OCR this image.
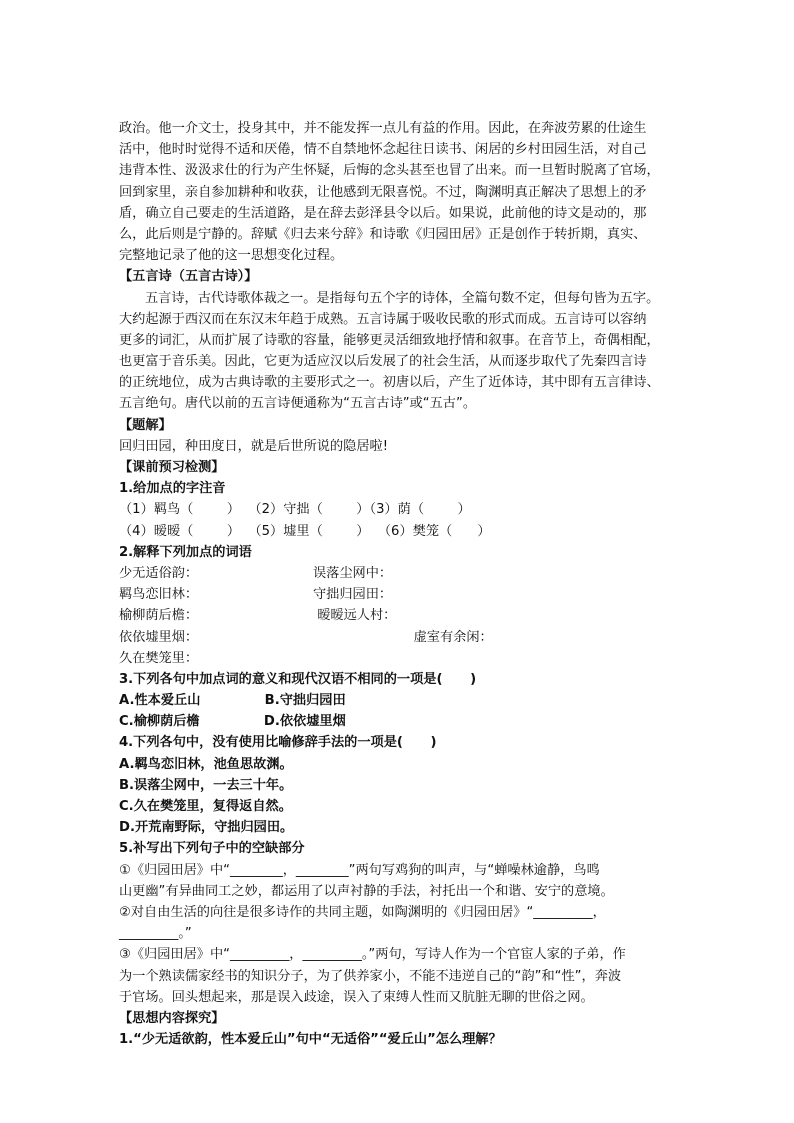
政治。他一介文士，投身其中，并不能发挥一点儿有益的作用。因此，在奔波劳累的仕途生
活中，他时时觉得不适和厌倦，情不自禁地怀念起往日读书、闲居的乡村田园生活，对自己
违背本性、汲汲求仕的行为产生怀疑，后悔的念头甚至也冒了出来。而一旦暂时脱离了官场，
回到家里，亲自参加耕种和收获，让他感到无限喜悦。不过，陶渊明真正解决了思想上的矛
盾，确立自己要走的生活道路，是在辞去彭泽县令以后。如果说，此前他的诗文是动的，那
么，此后则是宁静的。辞赋《归去来兮辞》和诗歌《归园田居》正是创作于转折期，真实、
完整地记录了他的这一思想变化过程。
【五言诗（五言古诗）】
五言诗，古代诗歌体裁之一。是指每句五个字的诗体，全篇句数不定，但每句皆为五字。
大约起源于西汉而在东汉末年趋于成熟。五言诗属于吸收民歌的形式而成。五言诗可以容纳
更多的词汇，从而扩展了诗歌的容量，能够更灵活细致地抒情和叙事。在音节上，奇偶相配，
也更富于音乐美。因此，它更为适应汉以后发展了的社会生活，从而逐步取代了先秦四言诗
的正统地位，成为古典诗歌的主要形式之一。初唐以后，产生了近体诗，其中即有五言律诗、
五言绝句。唐代以前的五言诗便通称为“五言古诗”或“五古”。
【题解】
回归田园，种田度日，就是后世所说的隐居啦!
【课前预习检测】
1.给加点的字注音
（1）羁鸟（        ）  （2）守拙（        ）（3）荫（        ）
（4）暧暧（        ）  （5）墟里（        ）  （6）樊笼（      ）
2.解释下列加点的词语
少无适俗韵：	误落尘网中：
羁鸟恋旧林：	守拙归园田：
榆柳荫后檐：	暧暧远人村：
依依墟里烟：	虚室有余闲：
久在樊笼里：
3.下列各句中加点词的意义和现代汉语不相同的一项是(      )
A.性本爱丘山              B.守拙归园田
C.榆柳荫后檐              D.依依墟里烟
4.下列各句中，没有使用比喻修辞手法的一项是(      )
A.羁鸟恋旧林，池鱼思故渊。
B.误落尘网中，一去三十年。
C.久在樊笼里，复得返自然。
D.开荒南野际，守拙归园田。
5.补写出下列句子中的空缺部分
①《归园田居》中“________，________”两句写鸡狗的叫声，与“蝉噪林逾静，鸟鸣
山更幽”有异曲同工之妙，都运用了以声衬静的手法，衬托出一个和谐、安宁的意境。
②对自由生活的向往是很多诗作的共同主题，如陶渊明的《归园田居》“_________，
_________。”
③《归园田居》中“_________，_________。”两句，写诗人作为一个官宦人家的子弟，作
为一个熟读儒家经书的知识分子，为了供养家小，不能不违逆自己的“韵”和“性”，奔波
于官场。回头想起来，那是误入歧途，误入了束缚人性而又肮脏无聊的世俗之网。
【思想内容探究】
1.“少无适欲韵，性本爱丘山”句中“无适俗”“爱丘山”怎么理解？
